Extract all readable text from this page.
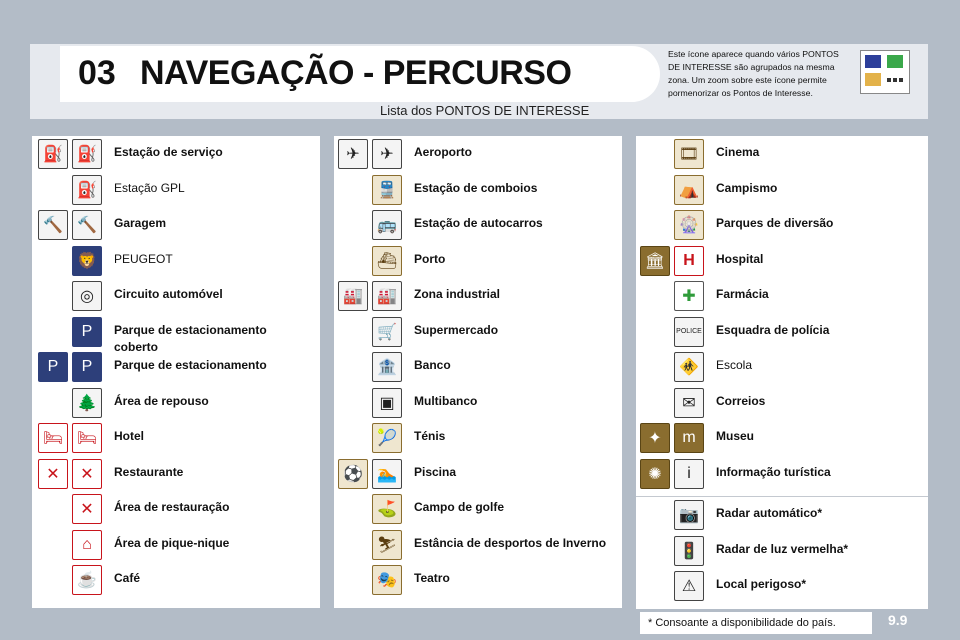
03 NAVEGAÇÃO - PERCURSO
Lista dos PONTOS DE INTERESSE
Este ícone aparece quando vários PONTOS DE INTERESSE são agrupados na mesma zona. Um zoom sobre este ícone permite pormenorizar os Pontos de Interesse.
⛽ ⛽	Estação de serviço
⛽	Estação GPL
🔨 🔨	Garagem
🦁	PEUGEOT
◎	Circuito automóvel
P	Parque de estacionamento coberto
P	P	Parque de estacionamento
🌲	Área de repouso
🛏 🛏	Hotel
✕	✕	Restaurante
✕	Área de restauração
⌂	Área de pique-nique
☕	Café
✈	✈	Aeroporto
🚆	Estação de comboios
🚌	Estação de autocarros
⛴	Porto
🏭 🏭	Zona industrial
🛒	Supermercado
🏦	Banco
▣	Multibanco
🎾	Ténis
⚽ 🏊	Piscina
⛳	Campo de golfe
⛷	Estância de desportos de Inverno
🎭	Teatro
🎞	Cinema
⛺	Campismo
🎡	Parques de diversão
🏛	H	Hospital
✚	Farmácia
POLICE Esquadra de polícia
🚸	Escola
✉	Correios
✦	m	Museu
✺	i	Informação turística
📷	Radar automático*
🚦	Radar de luz vermelha*
⚠	Local perigoso*
* Consoante a disponibilidade do país.	9.9
